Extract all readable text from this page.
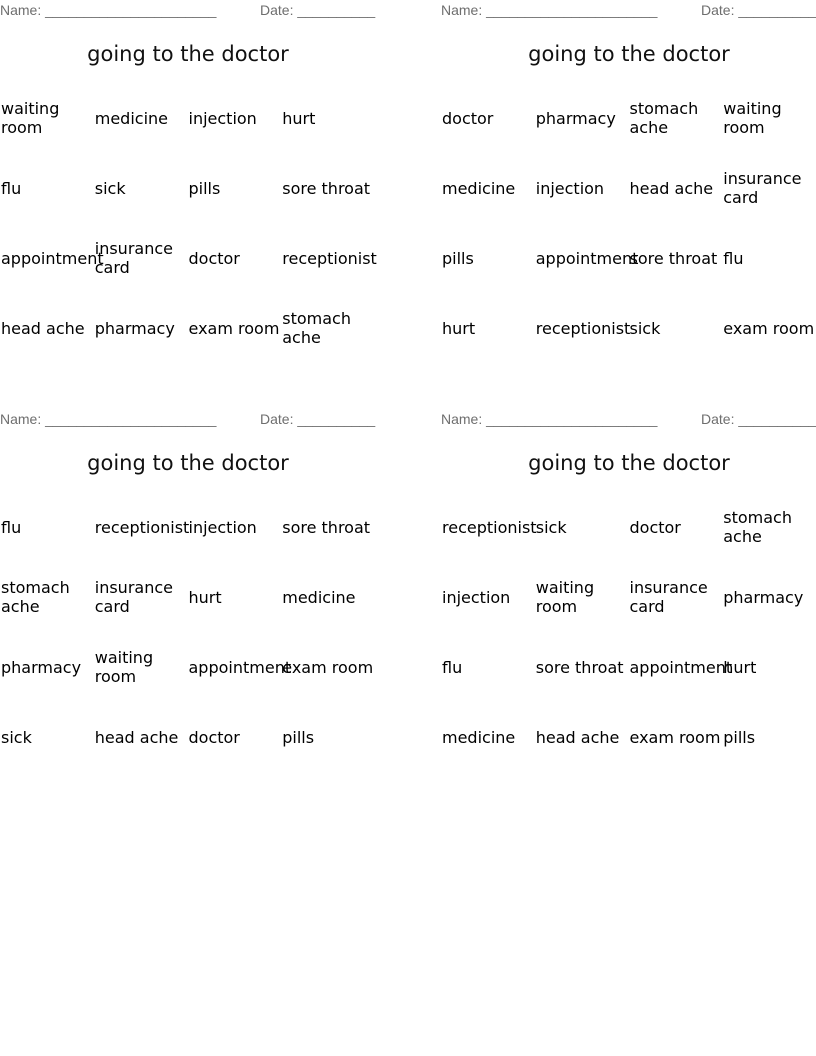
Name: ______________________	Date: __________
going to the doctor
waiting room	medicine	injection	hurt
flu	sick	pills	sore throat
appointment	insurance card	doctor	receptionist
head ache	pharmacy	exam room	stomach ache
Name: ______________________	Date: __________
going to the doctor
doctor	pharmacy	stomach ache	waiting room
medicine	injection	head ache	insurance card
pills	appointment	sore throat	flu
hurt	receptionist	sick	exam room
Name: ______________________	Date: __________
going to the doctor
flu	receptionist	injection	sore throat
stomach ache	insurance card	hurt	medicine
pharmacy	waiting room	appointment	exam room
sick	head ache	doctor	pills
Name: ______________________	Date: __________
going to the doctor
receptionist	sick	doctor	stomach ache
injection	waiting room	insurance card	pharmacy
flu	sore throat	appointment	hurt
medicine	head ache	exam room	pills
